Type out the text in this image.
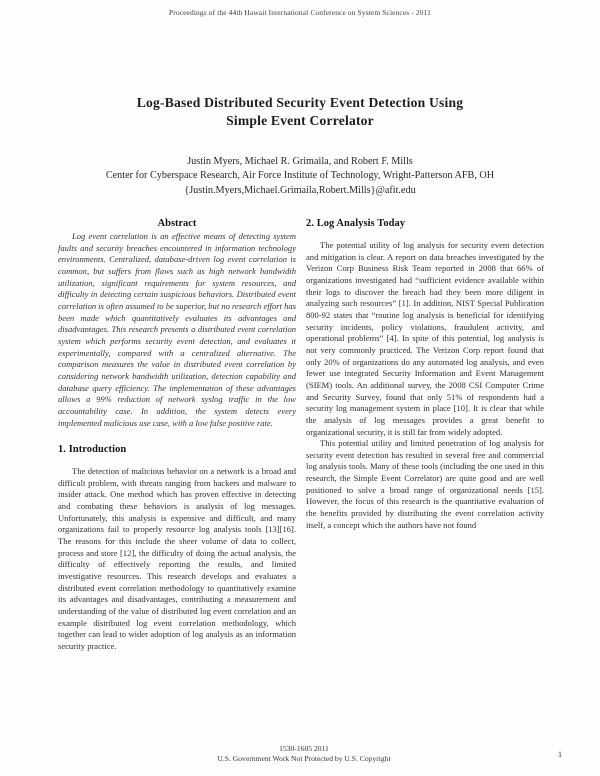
Proceedings of the 44th Hawaii International Conference on System Sciences - 2011
Log-Based Distributed Security Event Detection Using
Simple Event Correlator
Justin Myers, Michael R. Grimaila, and Robert F. Mills
Center for Cyberspace Research, Air Force Institute of Technology, Wright-Patterson AFB, OH
{Justin.Myers,Michael.Grimaila,Robert.Mills}@afit.edu
Abstract

Log event correlation is an effective means of detecting system faults and security breaches encountered in information technology environments. Centralized, database-driven log event correlation is common, but suffers from flaws such as high network bandwidth utilization, significant requirements for system resources, and difficulty in detecting certain suspicious behaviors. Distributed event correlation is often assumed to be superior, but no research effort has been made which quantitatively evaluates its advantages and disadvantages. This research presents a distributed event correlation system which performs security event detection, and evaluates it experimentally, compared with a centralized alternative. The comparison measures the value in distributed event correlation by considering network bandwidth utilization, detection capability and database query efficiency. The implementation of these advantages allows a 99% reduction of network syslog traffic in the low accountability case. In addition, the system detects every implemented malicious use case, with a low false positive rate.

1. Introduction

The detection of malicious behavior on a network is a broad and difficult problem, with threats ranging from hackers and malware to insider attack. One method which has proven effective in detecting and combating these behaviors is analysis of log messages. Unfortunately, this analysis is expensive and difficult, and many organizations fail to properly resource log analysis tools [13][16]. The reasons for this include the sheer volume of data to collect, process and store [12], the difficulty of doing the actual analysis, the difficulty of effectively reporting the results, and limited investigative resources. This research develops and evaluates a distributed event correlation methodology to quantitatively examine its advantages and disadvantages, contributing a measurement and understanding of the value of distributed log event correlation and an example distributed log event correlation methodology, which together can lead to wider adoption of log analysis as an information security practice.

2. Log Analysis Today

The potential utility of log analysis for security event detection and mitigation is clear. A report on data breaches investigated by the Verizon Corp Business Risk Team reported in 2008 that 66% of organizations investigated had “sufficient evidence available within their logs to discover the breach had they been more diligent in analyzing such resources” [1]. In addition, NIST Special Publication 800-92 states that “routine log analysis is beneficial for identifying security incidents, policy violations, fraudulent activity, and operational problems” [4]. In spite of this potential, log analysis is not very commonly practiced. The Verizon Corp report found that only 20% of organizations do any automated log analysis, and even fewer use integrated Security Information and Event Management (SIEM) tools. An additional survey, the 2008 CSI Computer Crime and Security Survey, found that only 51% of respondents had a security log management system in place [10]. It is clear that while the analysis of log messages provides a great benefit to organizational security, it is still far from widely adopted.

This potential utility and limited penetration of log analysis for security event detection has resulted in several free and commercial log analysis tools. Many of these tools (including the one used in this research, the Simple Event Correlator) are quite good and are well positioned to solve a broad range of organizational needs [15]. However, the focus of this research is the quantitative evaluation of the benefits provided by distributing the event correlation activity itself, a concept which the authors have not found

1530-1605 2011
U.S. Government Work Not Protected by U.S. Copyright	1
